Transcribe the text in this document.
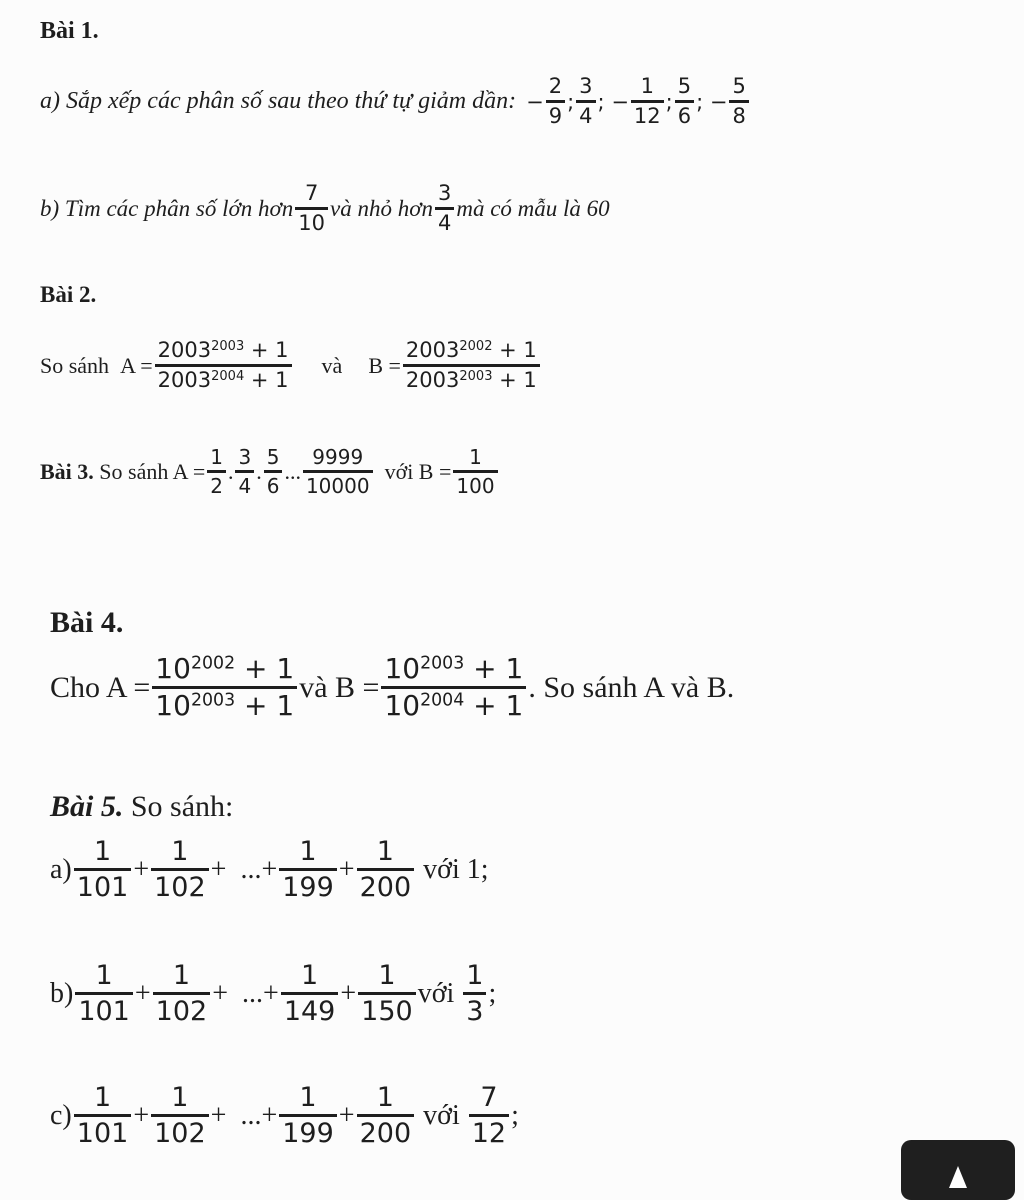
Bài 1.
a) Sắp xếp các phân số sau theo thứ tự giảm dần: − $\frac{2}{9}$ ; $\frac{3}{4}$ ;
− $\frac{1}{12}$ ; $\frac{5}{6}$ ;
− $\frac{5}{8}$
b) Tìm các phân số lớn hơn $\frac{7}{10}$ và nhỏ hơn $\frac{3}{4}$ mà có mẫu là 60
Bài 2.
So sánh
$A = \frac{2003^{2003} + 1}{2003^{2004} + 1}$ và $B = \frac{2003^{2002} + 1}{2003^{2003} + 1}$
Bài 3.
So sánh $A = \frac{1}{2}$ . $\frac{3}{4}$ . $\frac{5}{6}$ ... $\frac{9999}{10000}$ với $B = \frac{1}{100}$
Bài 4.
Cho $A = \frac{10^{2002} + 1}{10^{2003} + 1}$ và $B = \frac{10^{2003} + 1}{10^{2004} + 1}$ . So sánh A và B.
Bài 5.
So sánh:
$a) \frac{1}{101} + \frac{1}{102}$ +
... + $\frac{1}{199} + \frac{1}{200}$
với 1;
$b) \frac{1}{101} + \frac{1}{102}$ +
... + $\frac{1}{149} + \frac{1}{150}$ với
$\frac{1}{3}$ ;
$c) \frac{1}{101} + \frac{1}{102}$ +
... + $\frac{1}{199} + \frac{1}{200}$
với
$\frac{7}{12}$ ;
